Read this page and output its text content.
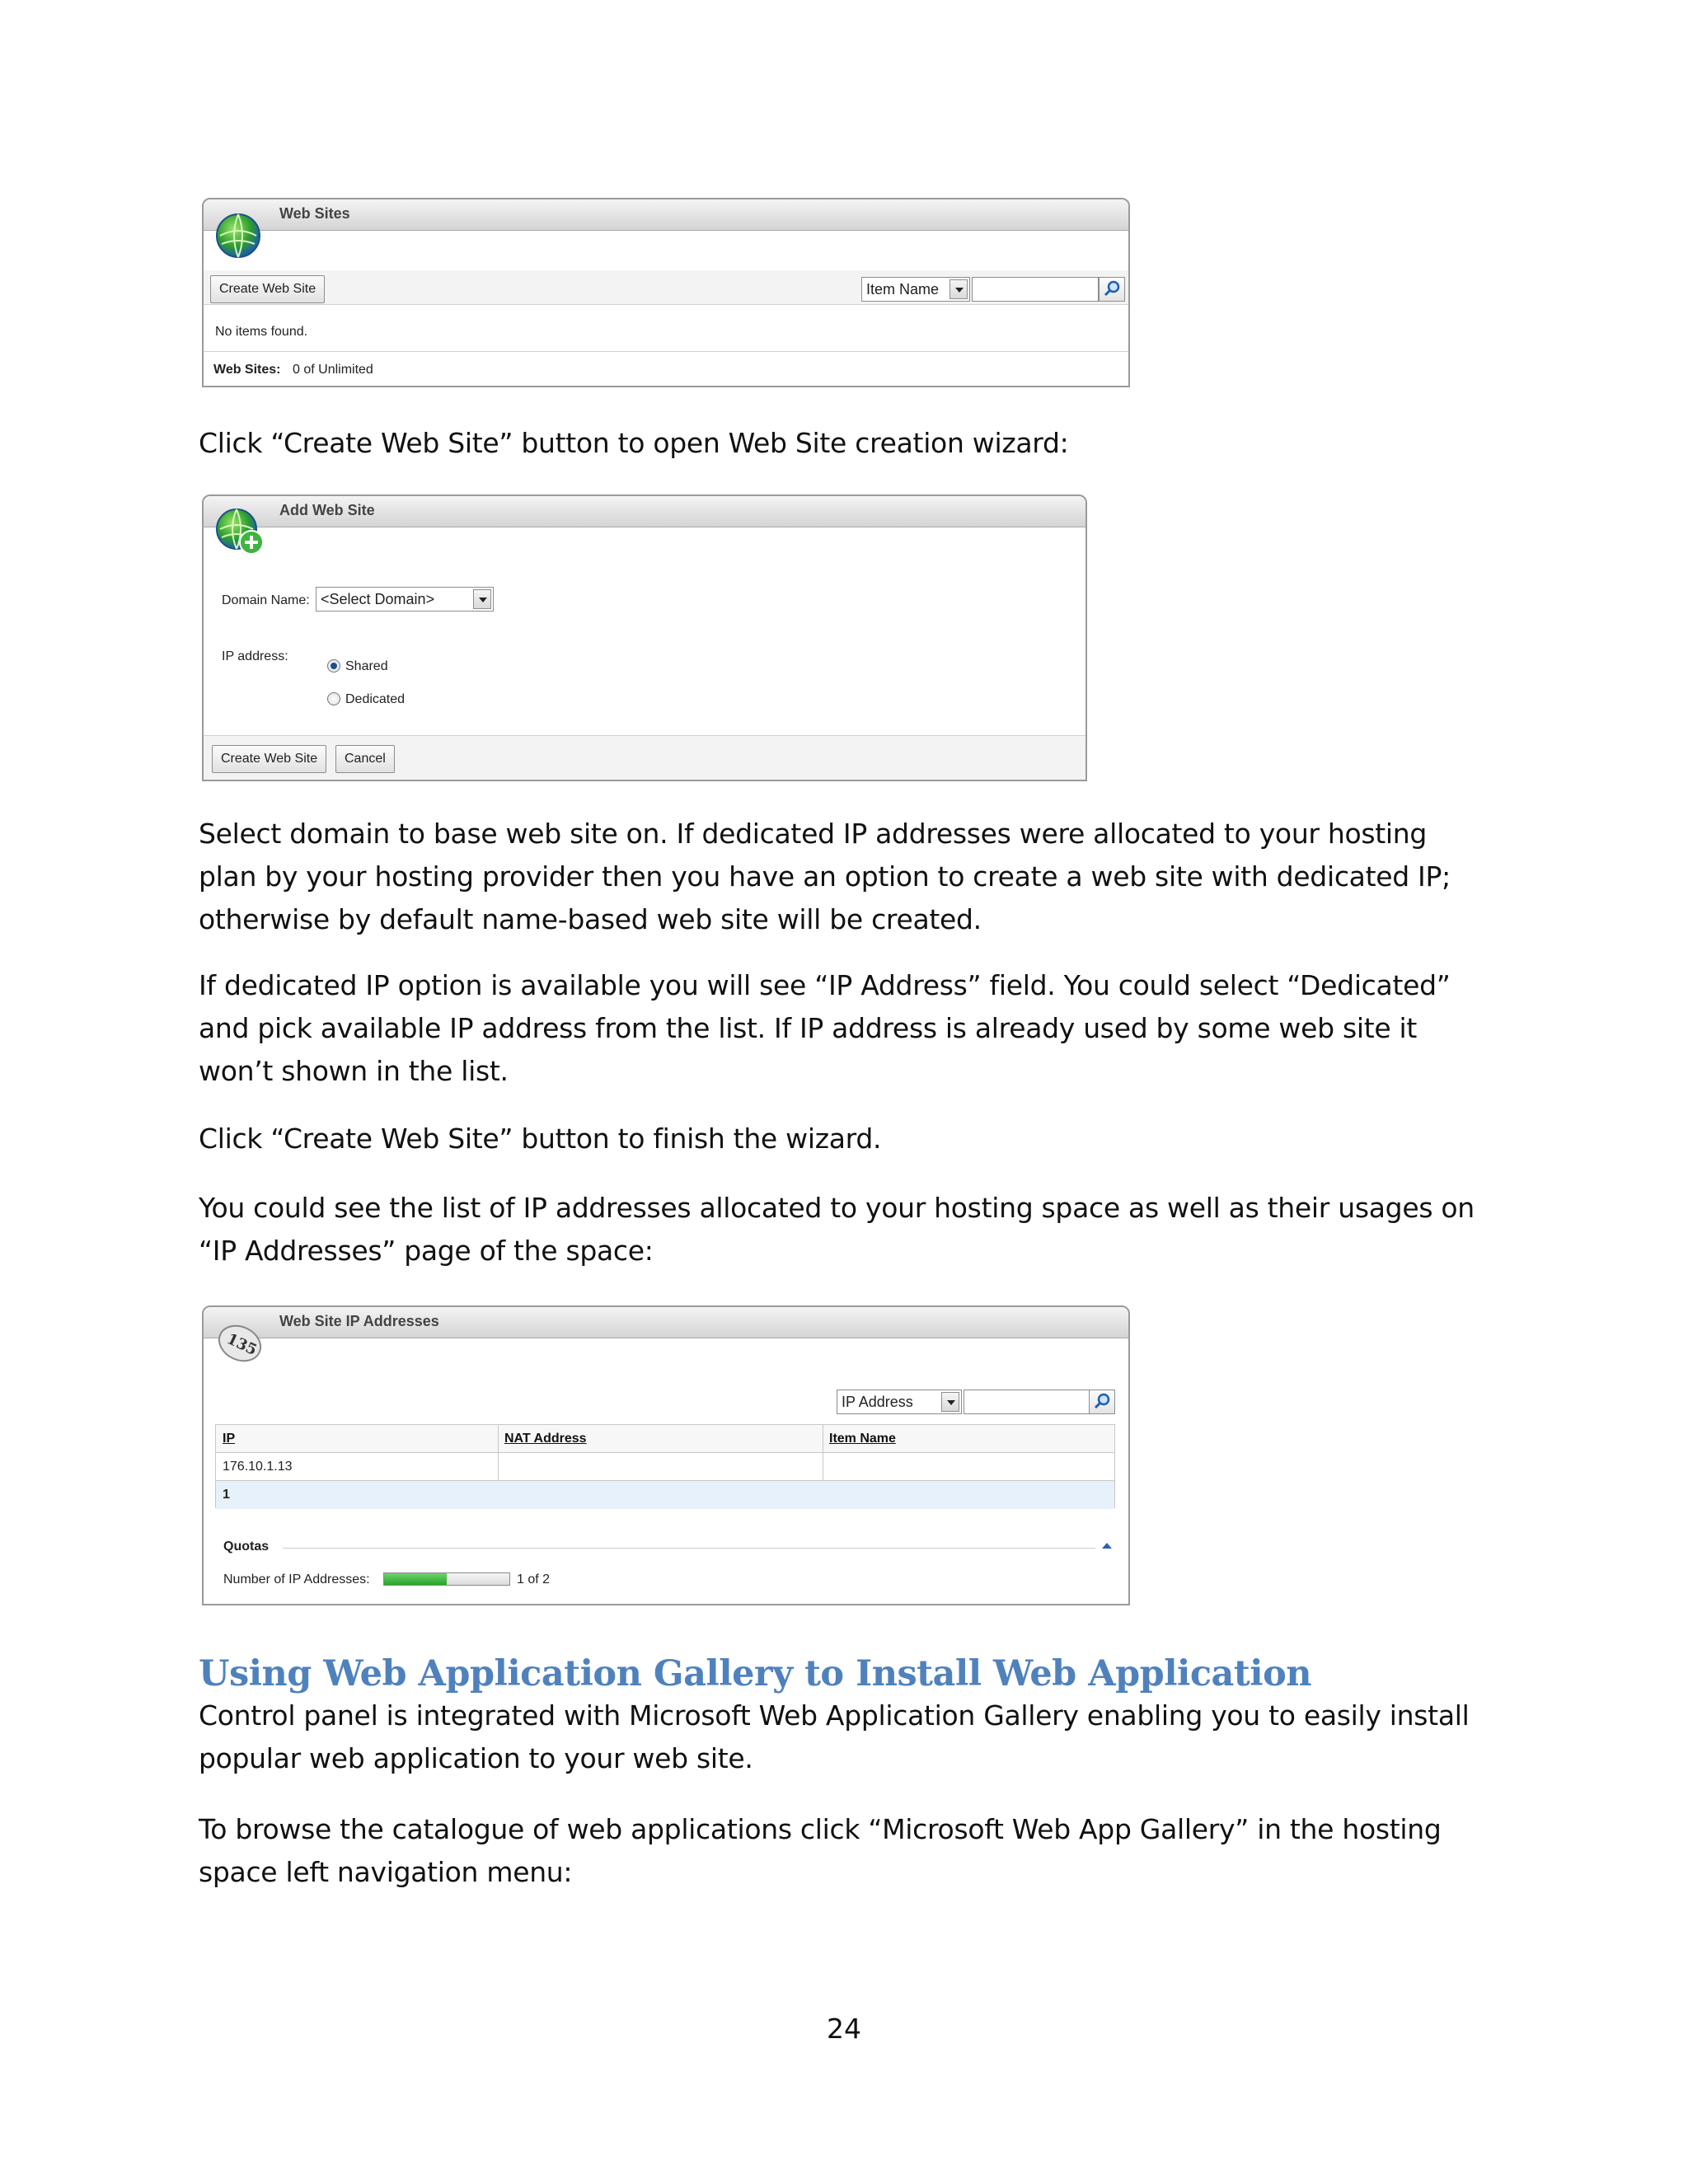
Web Sites
Create Web Site	Item Name
No items found.
Web Sites: 0 of Unlimited
Click “Create Web Site” button to open Web Site creation wizard:
Add Web Site
Domain Name: <Select Domain>
IP address:
Shared
Dedicated
Create Web Site	Cancel
Select domain to base web site on. If dedicated IP addresses were allocated to your hosting plan by your hosting provider then you have an option to create a web site with dedicated IP; otherwise by default name-based web site will be created.
If dedicated IP option is available you will see “IP Address” field. You could select “Dedicated” and pick available IP address from the list. If IP address is already used by some web site it won’t shown in the list.
Click “Create Web Site” button to finish the wizard.
You could see the list of IP addresses allocated to your hosting space as well as their usages on “IP Addresses” page of the space:
135
Web Site IP Addresses
IP Address
IP	NAT Address	Item Name
176.10.1.13
1
Quotas
Number of IP Addresses:	1 of 2
Using Web Application Gallery to Install Web Application
Control panel is integrated with Microsoft Web Application Gallery enabling you to easily install popular web application to your web site.
To browse the catalogue of web applications click “Microsoft Web App Gallery” in the hosting space left navigation menu:
24
